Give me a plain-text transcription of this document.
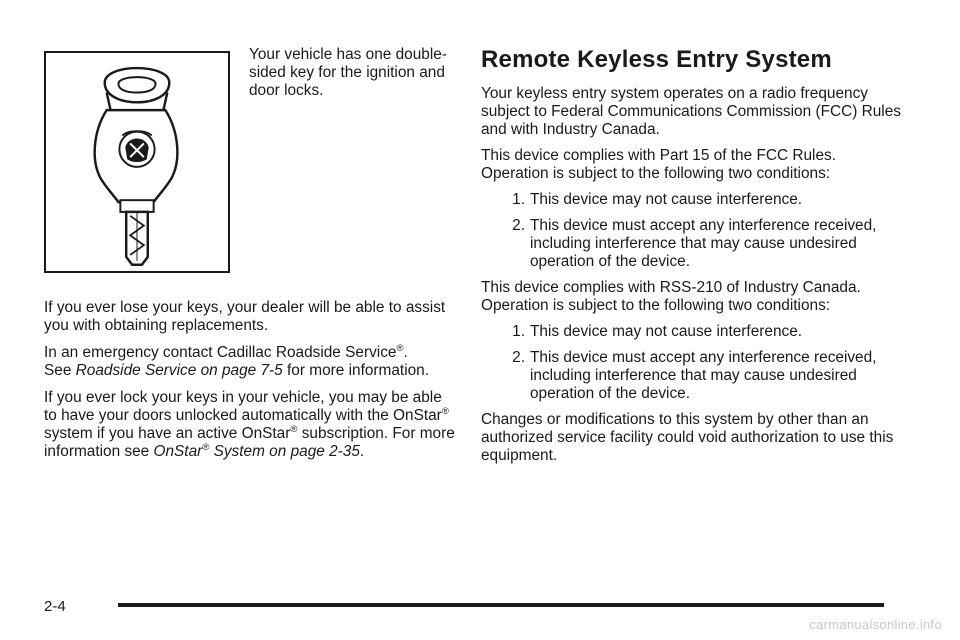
Your vehicle has one double-sided key for the ignition and door locks.

If you ever lose your keys, your dealer will be able to assist you with obtaining replacements.

In an emergency contact Cadillac Roadside Service®.
See Roadside Service on page 7-5 for more information.

If you ever lock your keys in your vehicle, you may be able to have your doors unlocked automatically with the OnStar® system if you have an active OnStar® subscription. For more information see OnStar® System on page 2-35.

Remote Keyless Entry System

Your keyless entry system operates on a radio frequency subject to Federal Communications Commission (FCC) Rules and with Industry Canada.

This device complies with Part 15 of the FCC Rules. Operation is subject to the following two conditions:

1. This device may not cause interference.
2. This device must accept any interference received, including interference that may cause undesired operation of the device.

This device complies with RSS-210 of Industry Canada. Operation is subject to the following two conditions:

1. This device may not cause interference.
2. This device must accept any interference received, including interference that may cause undesired operation of the device.

Changes or modifications to this system by other than an authorized service facility could void authorization to use this equipment.

2-4
carmanualsonline.info
